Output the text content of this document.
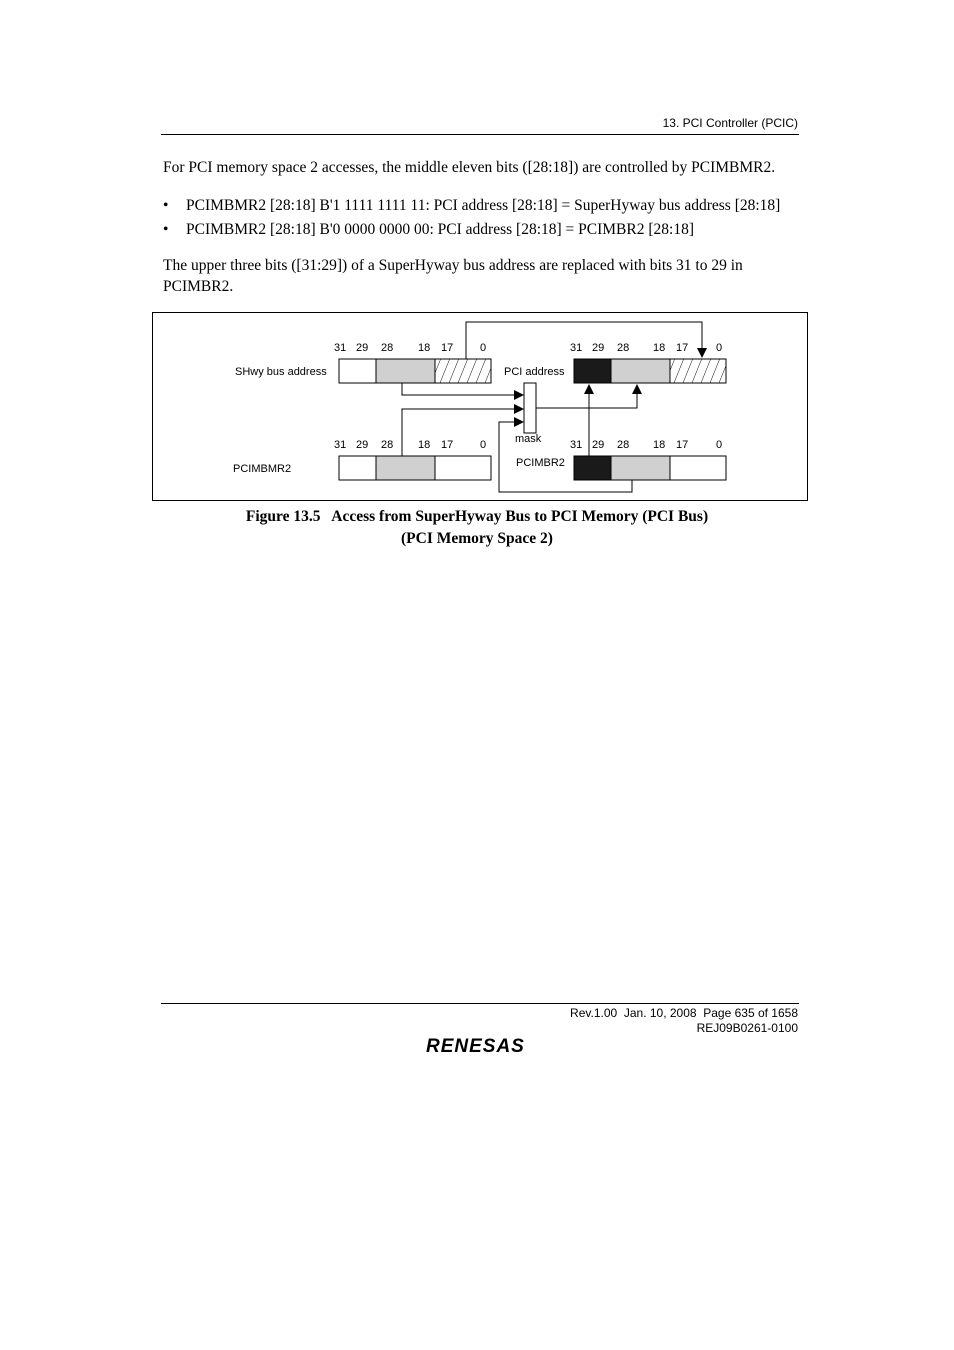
13. PCI Controller (PCIC)
For PCI memory space 2 accesses, the middle eleven bits ([28:18]) are controlled by PCIMBMR2.
• PCIMBMR2 [28:18] B'1 1111 1111 11: PCI address [28:18] = SuperHyway bus address [28:18]
• PCIMBMR2 [28:18] B'0 0000 0000 00: PCI address [28:18] = PCIMBR2 [28:18]
The upper three bits ([31:29]) of a SuperHyway bus address are replaced with bits 31 to 29 in PCIMBR2.
31 29 28 18 17 0	31 29 28 18 17	0
31 29 28 18 17 0	31 29 28 18 17	0
SHwy bus address	PCI address
PCIMBMR2	PCIMBR2
mask
Figure 13.5   Access from SuperHyway Bus to PCI Memory (PCI Bus)
(PCI Memory Space 2)
Rev.1.00  Jan. 10, 2008  Page 635 of 1658
REJ09B0261-0100
RENESAS
